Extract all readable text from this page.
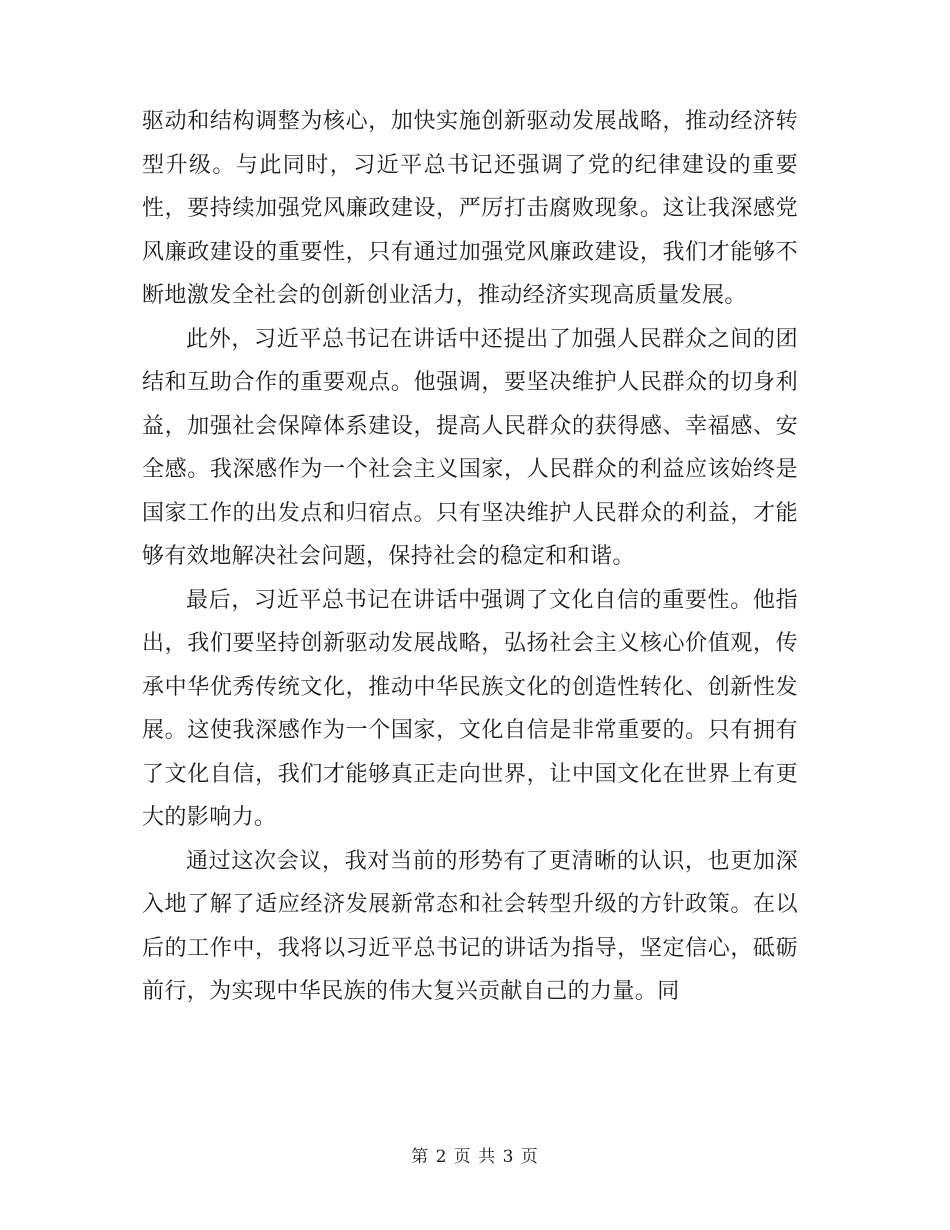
驱动和结构调整为核心，加快实施创新驱动发展战略，推动经济转型升级。与此同时，习近平总书记还强调了党的纪律建设的重要性，要持续加强党风廉政建设，严厉打击腐败现象。这让我深感党风廉政建设的重要性，只有通过加强党风廉政建设，我们才能够不断地激发全社会的创新创业活力，推动经济实现高质量发展。

此外，习近平总书记在讲话中还提出了加强人民群众之间的团结和互助合作的重要观点。他强调，要坚决维护人民群众的切身利益，加强社会保障体系建设，提高人民群众的获得感、幸福感、安全感。我深感作为一个社会主义国家，人民群众的利益应该始终是国家工作的出发点和归宿点。只有坚决维护人民群众的利益，才能够有效地解决社会问题，保持社会的稳定和和谐。

最后，习近平总书记在讲话中强调了文化自信的重要性。他指出，我们要坚持创新驱动发展战略，弘扬社会主义核心价值观，传承中华优秀传统文化，推动中华民族文化的创造性转化、创新性发展。这使我深感作为一个国家，文化自信是非常重要的。只有拥有了文化自信，我们才能够真正走向世界，让中国文化在世界上有更大的影响力。

通过这次会议，我对当前的形势有了更清晰的认识，也更加深入地了解了适应经济发展新常态和社会转型升级的方针政策。在以后的工作中，我将以习近平总书记的讲话为指导，坚定信心，砥砺前行，为实现中华民族的伟大复兴贡献自己的力量。同

第 2 页 共 3 页
